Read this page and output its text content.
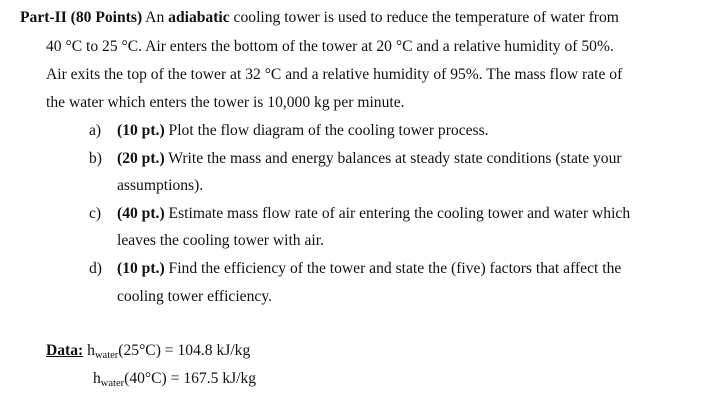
Part-II (80 Points) An adiabatic cooling tower is used to reduce the temperature of water from
40 °C to 25 °C. Air enters the bottom of the tower at 20 °C and a relative humidity of 50%.
Air exits the top of the tower at 32 °C and a relative humidity of 95%. The mass flow rate of
the water which enters the tower is 10,000 kg per minute.
a) (10 pt.) Plot the flow diagram of the cooling tower process.
b) (20 pt.) Write the mass and energy balances at steady state conditions (state your
assumptions).
c) (40 pt.) Estimate mass flow rate of air entering the cooling tower and water which
leaves the cooling tower with air.
d) (10 pt.) Find the efficiency of the tower and state the (five) factors that affect the
cooling tower efficiency.
Data: hwater(25°C) = 104.8 kJ/kg
hwater(40°C) = 167.5 kJ/kg
